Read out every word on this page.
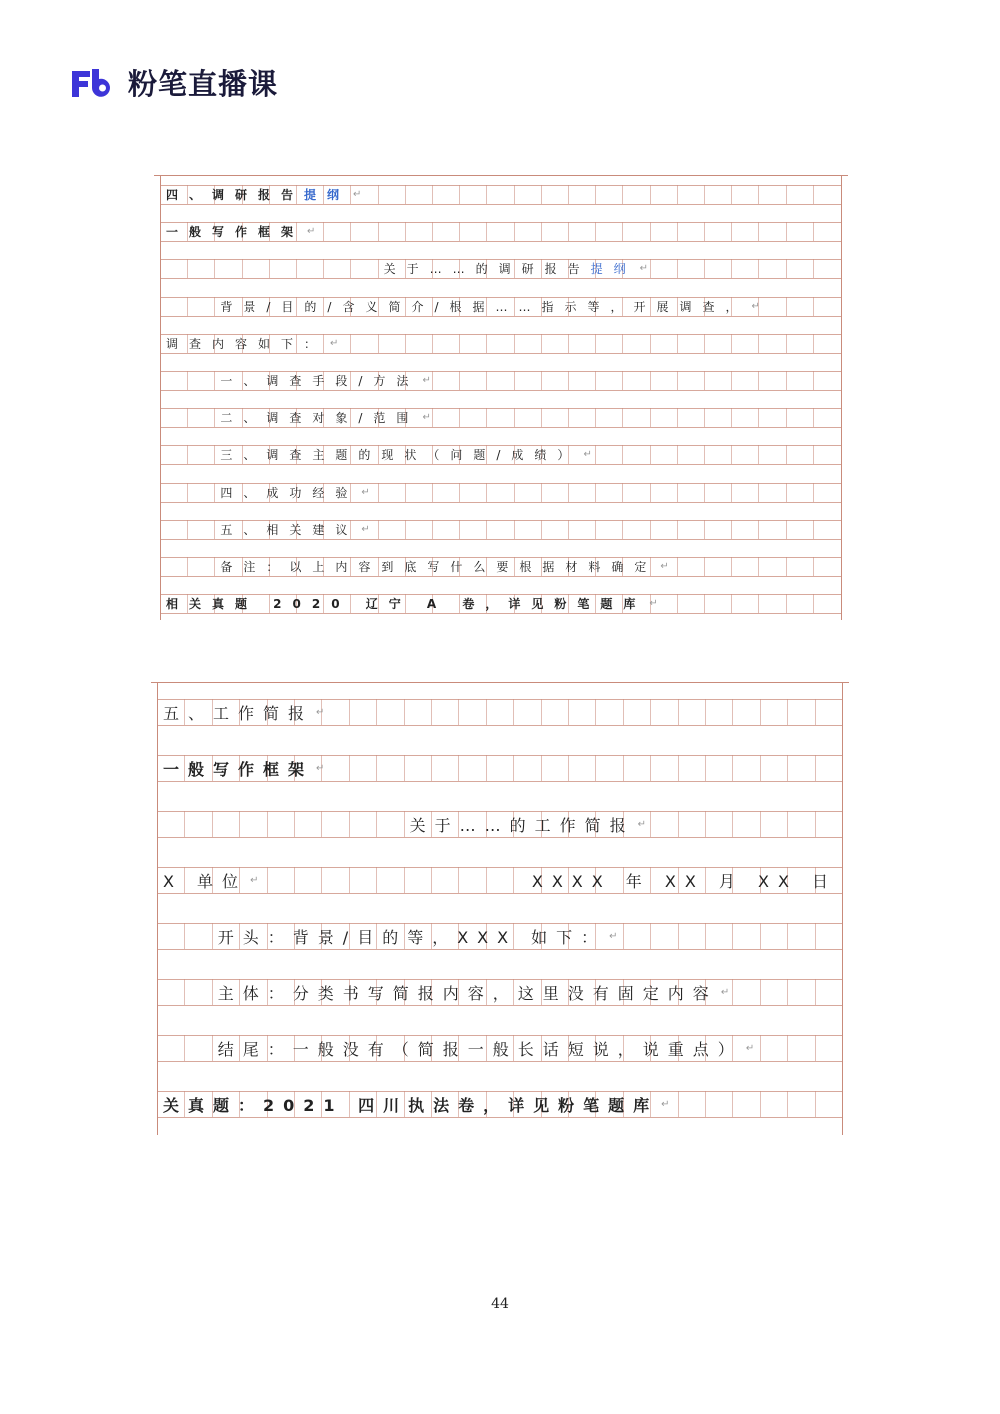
粉笔直播课
四、调研报告 提纲 ↵
一般写作框架 ↵
关于……的调研报告 提纲 ↵
背景/目的/含义简介/根据……指示等，开展调查， ↵
调查内容如下： ↵
一、调查手段/方法 ↵
二、调查对象/范围 ↵
三、调查主题的现状（问题/成绩） ↵
四、成功经验 ↵
五、相关建议 ↵
备注：以上内容到底写什么要根据材料确定 ↵
相关真题 2020 辽宁 A 卷，详见粉笔题库 ↵
五、工作简报 ↵
一般写作框架 ↵
关于……的工作简报 ↵
X 单位 ↵	XXXX 年 XX 月 XX 日
开头：背景/目的等，XXX 如下： ↵
主体：分类书写简报内容，这里没有固定内容 ↵
结尾：一般没有（简报一般长话短说，说重点） ↵
关真题：2021 四川执法卷，详见粉笔题库 ↵
44
